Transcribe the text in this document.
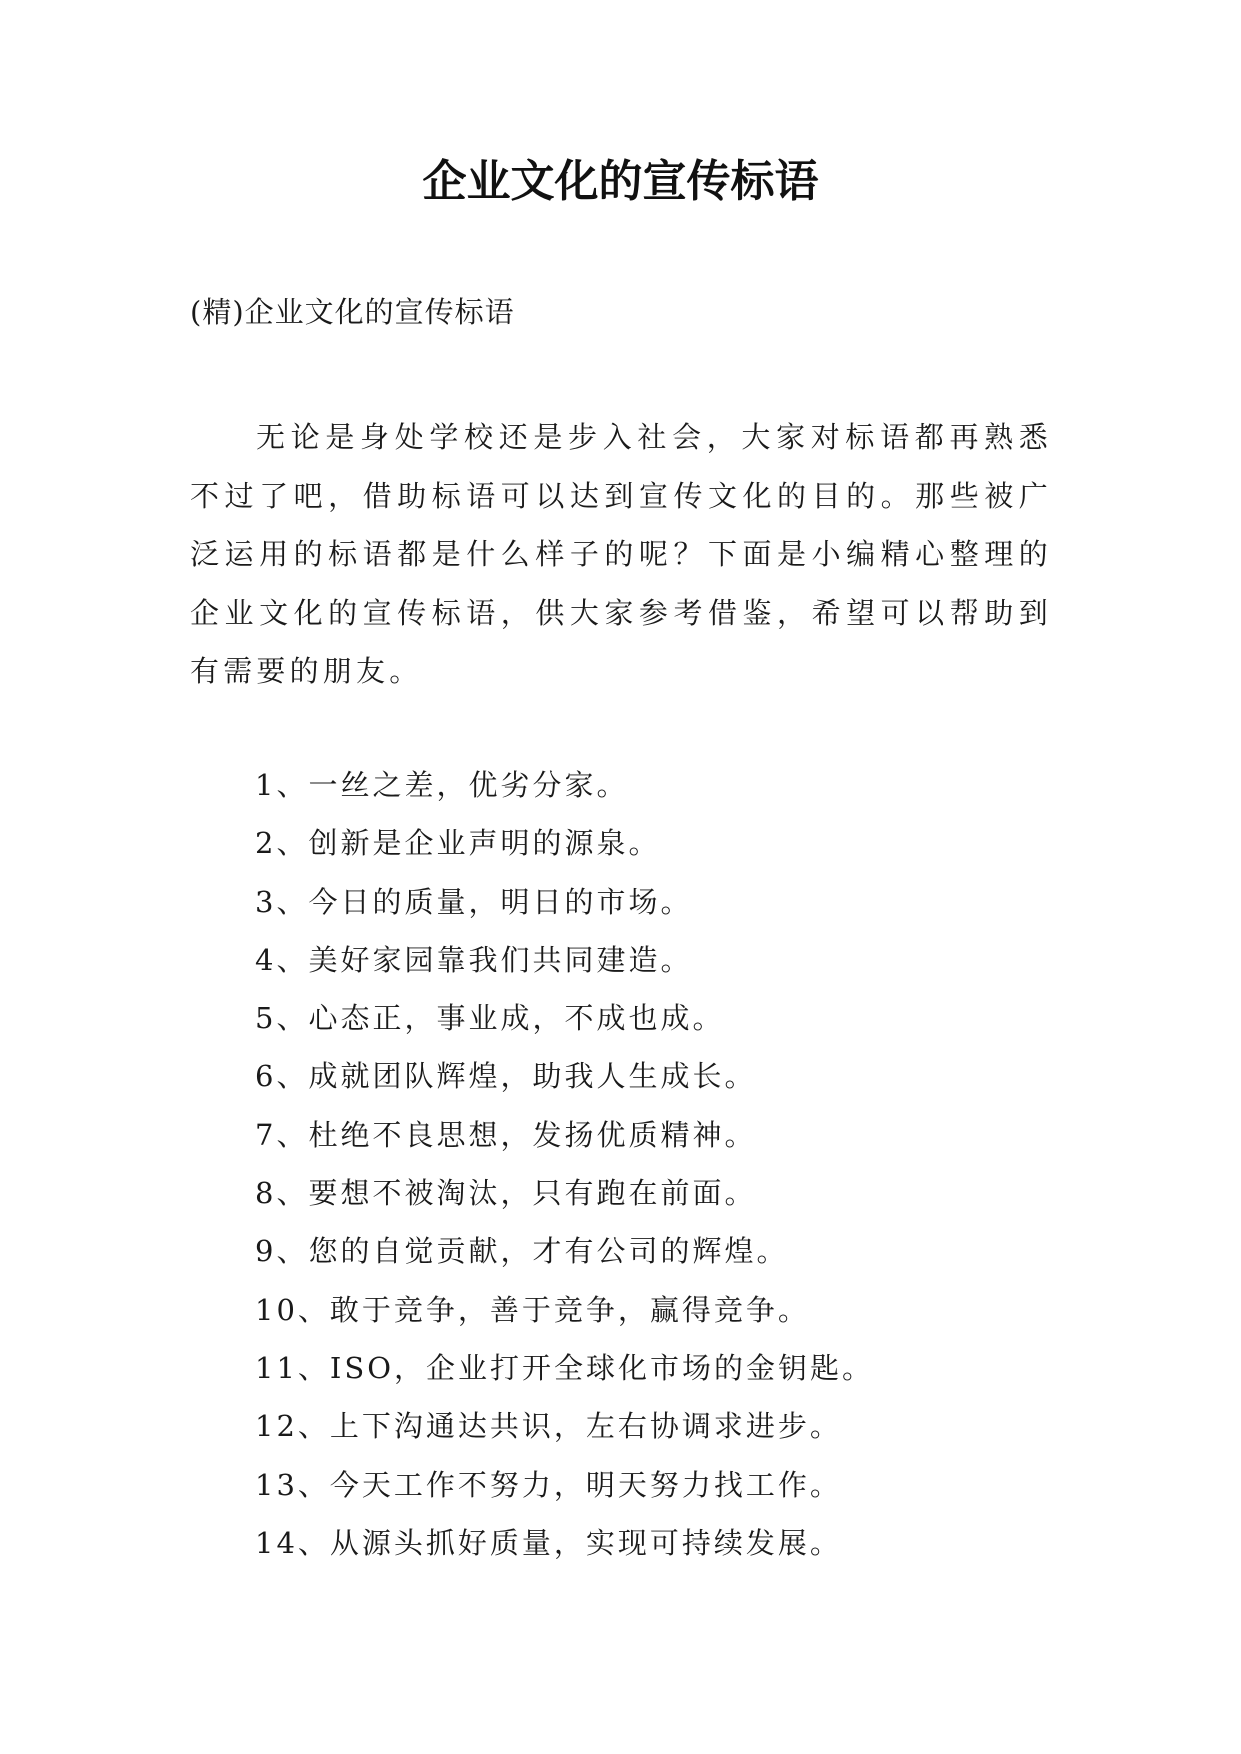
企业文化的宣传标语

(精)企业文化的宣传标语

无论是身处学校还是步入社会，大家对标语都再熟悉不过了吧，借助标语可以达到宣传文化的目的。那些被广泛运用的标语都是什么样子的呢？下面是小编精心整理的企业文化的宣传标语，供大家参考借鉴，希望可以帮助到有需要的朋友。

1、一丝之差，优劣分家。
2、创新是企业声明的源泉。
3、今日的质量，明日的市场。
4、美好家园靠我们共同建造。
5、心态正，事业成，不成也成。
6、成就团队辉煌，助我人生成长。
7、杜绝不良思想，发扬优质精神。
8、要想不被淘汰，只有跑在前面。
9、您的自觉贡献，才有公司的辉煌。
10、敢于竞争，善于竞争，赢得竞争。
11、ISO，企业打开全球化市场的金钥匙。
12、上下沟通达共识，左右协调求进步。
13、今天工作不努力，明天努力找工作。
14、从源头抓好质量，实现可持续发展。
